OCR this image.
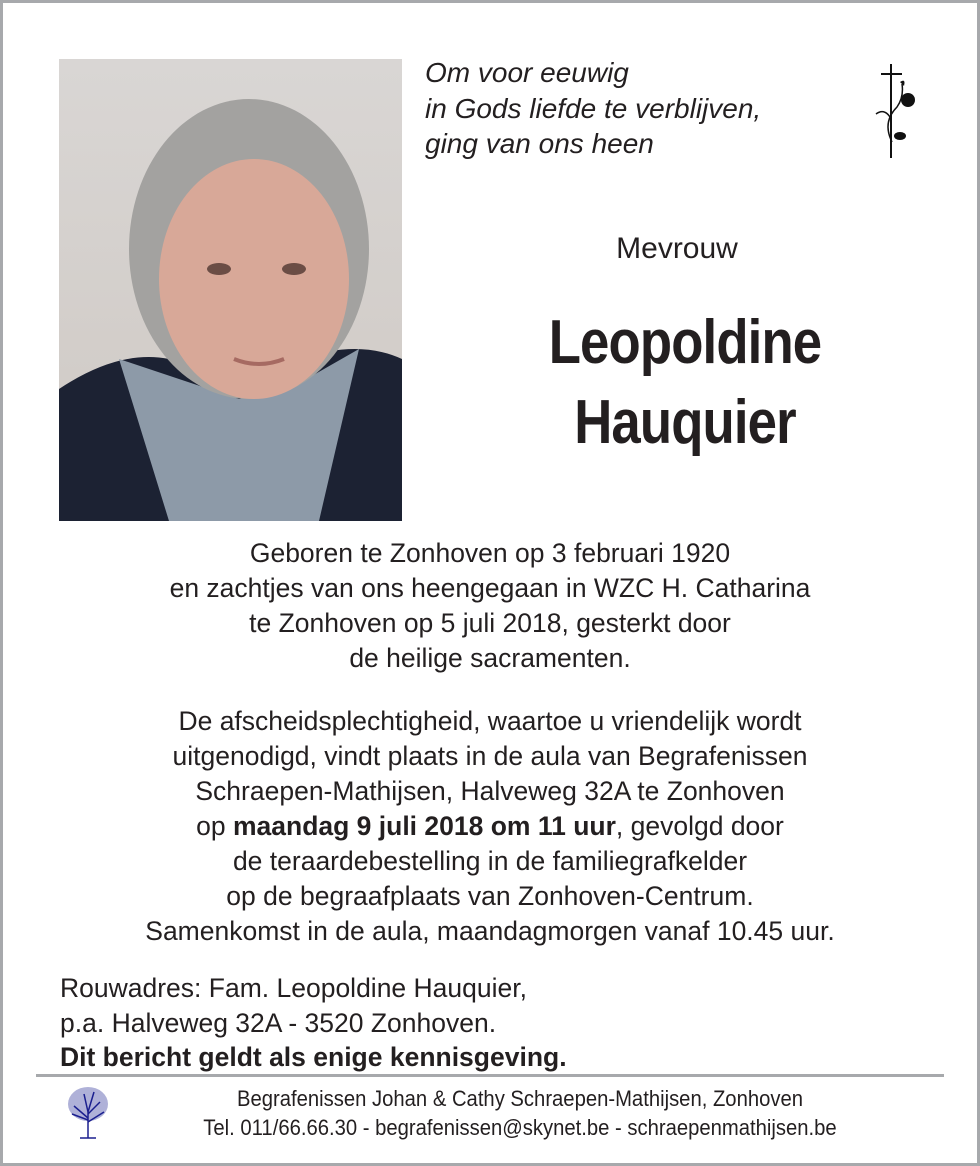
Om voor eeuwig
in Gods liefde te verblijven,
ging van ons heen
Mevrouw
Leopoldine
Hauquier
Geboren te Zonhoven op 3 februari 1920
en zachtjes van ons heengegaan in WZC H. Catharina
te Zonhoven op 5 juli 2018, gesterkt door
de heilige sacramenten.
De afscheidsplechtigheid, waartoe u vriendelijk wordt
uitgenodigd, vindt plaats in de aula van Begrafenissen
Schraepen-Mathijsen, Halveweg 32A te Zonhoven
op maandag 9 juli 2018 om 11 uur, gevolgd door
de teraardebestelling in de familiegrafkelder
op de begraafplaats van Zonhoven-Centrum.
Samenkomst in de aula, maandagmorgen vanaf 10.45 uur.
Rouwadres: Fam. Leopoldine Hauquier,
p.a. Halveweg 32A - 3520 Zonhoven.
Dit bericht geldt als enige kennisgeving.
Begrafenissen Johan & Cathy Schraepen-Mathijsen, Zonhoven
Tel. 011/66.66.30 - begrafenissen@skynet.be - schraepenmathijsen.be
